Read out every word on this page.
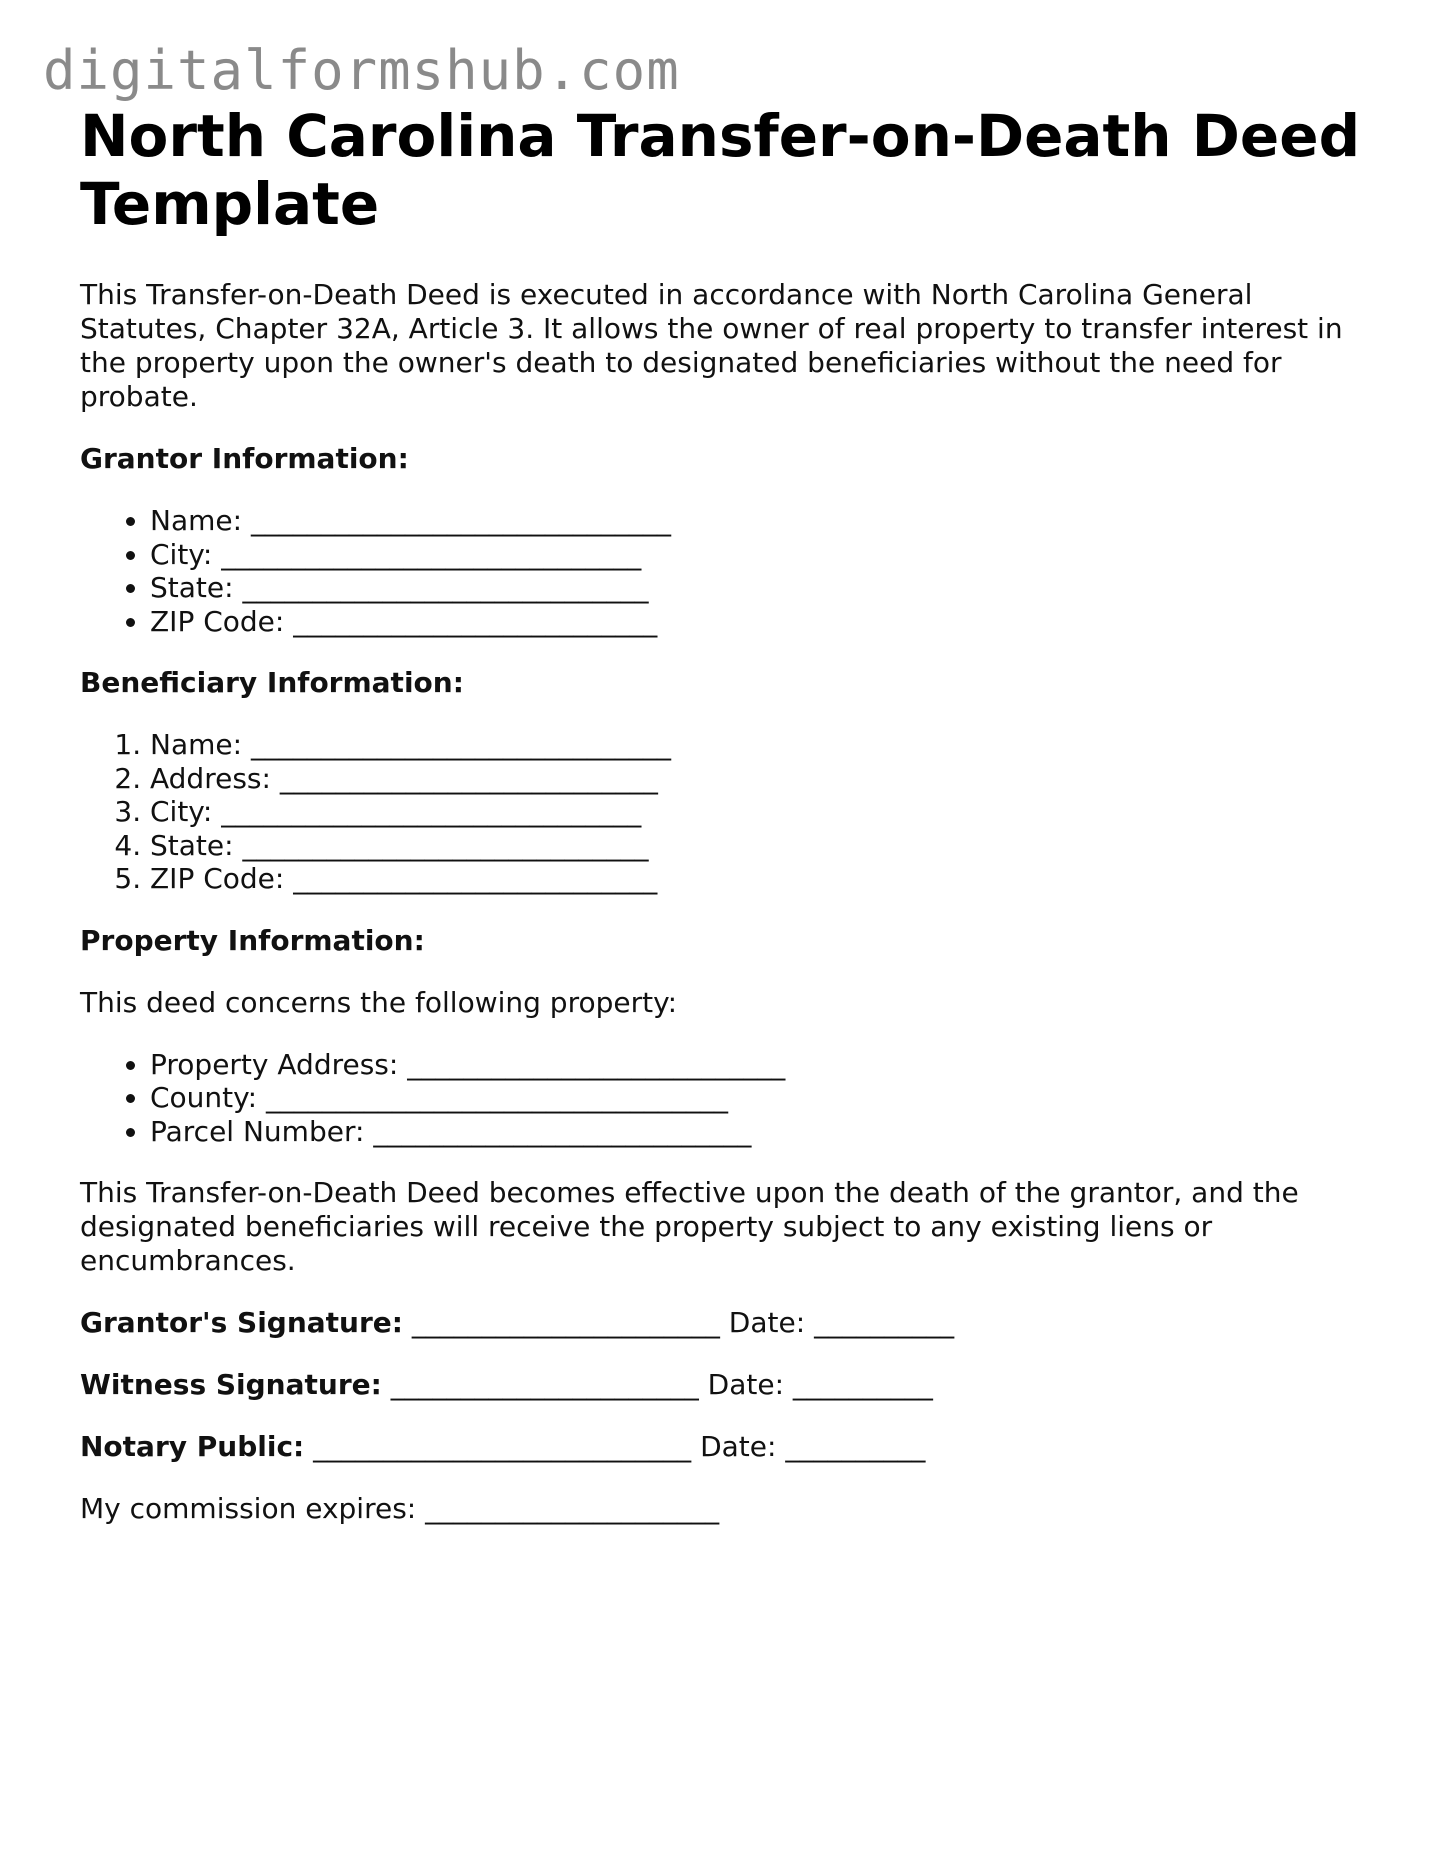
digitalformshub.com
North Carolina Transfer-on-Death Deed Template

This Transfer-on-Death Deed is executed in accordance with North Carolina General Statutes, Chapter 32A, Article 3. It allows the owner of real property to transfer interest in the property upon the owner's death to designated beneficiaries without the need for probate.

Grantor Information:

• Name: ______________________________
• City: ______________________________
• State: _____________________________
• ZIP Code: __________________________

Beneficiary Information:

1. Name: ______________________________
2. Address: ___________________________
3. City: ______________________________
4. State: _____________________________
5. ZIP Code: __________________________

Property Information:

This deed concerns the following property:

• Property Address: ___________________________
• County: _________________________________
• Parcel Number: ___________________________

This Transfer-on-Death Deed becomes effective upon the death of the grantor, and the designated beneficiaries will receive the property subject to any existing liens or encumbrances.

Grantor's Signature: ______________________ Date: __________

Witness Signature: ______________________ Date: __________

Notary Public: ___________________________ Date: __________

My commission expires: _____________________
